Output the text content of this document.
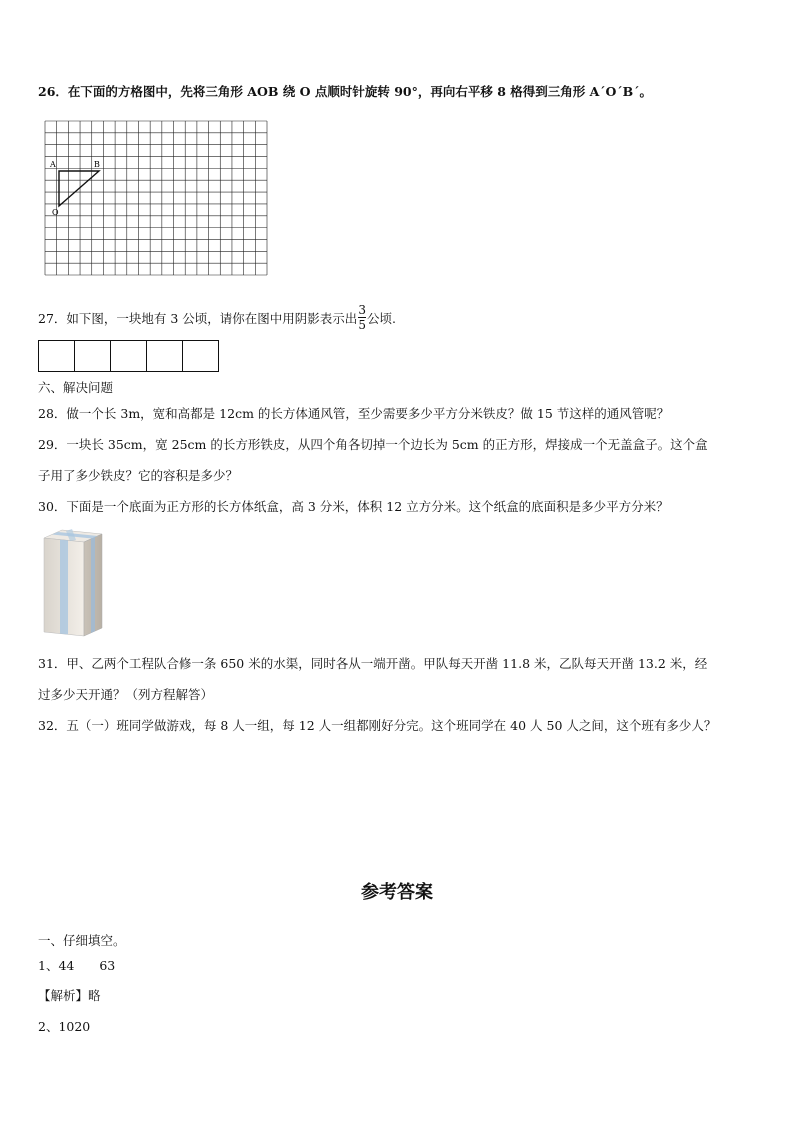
26．在下面的方格图中，先将三角形 AOB 绕 O 点顺时针旋转 90°，再向右平移 8 格得到三角形 A´O´B´。
A	B
O
27．如下图，一块地有 3 公顷，请你在图中用阴影表示出 $\frac{3}{5}$ 公顷.
六、解决问题
28．做一个长 3m，宽和高都是 12cm 的长方体通风管，至少需要多少平方分米铁皮？做 15 节这样的通风管呢？
29．一块长 35cm，宽 25cm 的长方形铁皮，从四个角各切掉一个边长为 5cm 的正方形，焊接成一个无盖盒子。这个盒
子用了多少铁皮？它的容积是多少？
30．下面是一个底面为正方形的长方体纸盒，高 3 分米，体积 12 立方分米。这个纸盒的底面积是多少平方分米？
31．甲、乙两个工程队合修一条 650 米的水渠，同时各从一端开凿。甲队每天开凿 11.8 米，乙队每天开凿 13.2 米，经
过多少天开通？（列方程解答）
32．五（一）班同学做游戏，每 8 人一组，每 12 人一组都刚好分完。这个班同学在 40 人 50 人之间，这个班有多少人？
参考答案
一、仔细填空。
1、44　　63
【解析】略
2、1020
